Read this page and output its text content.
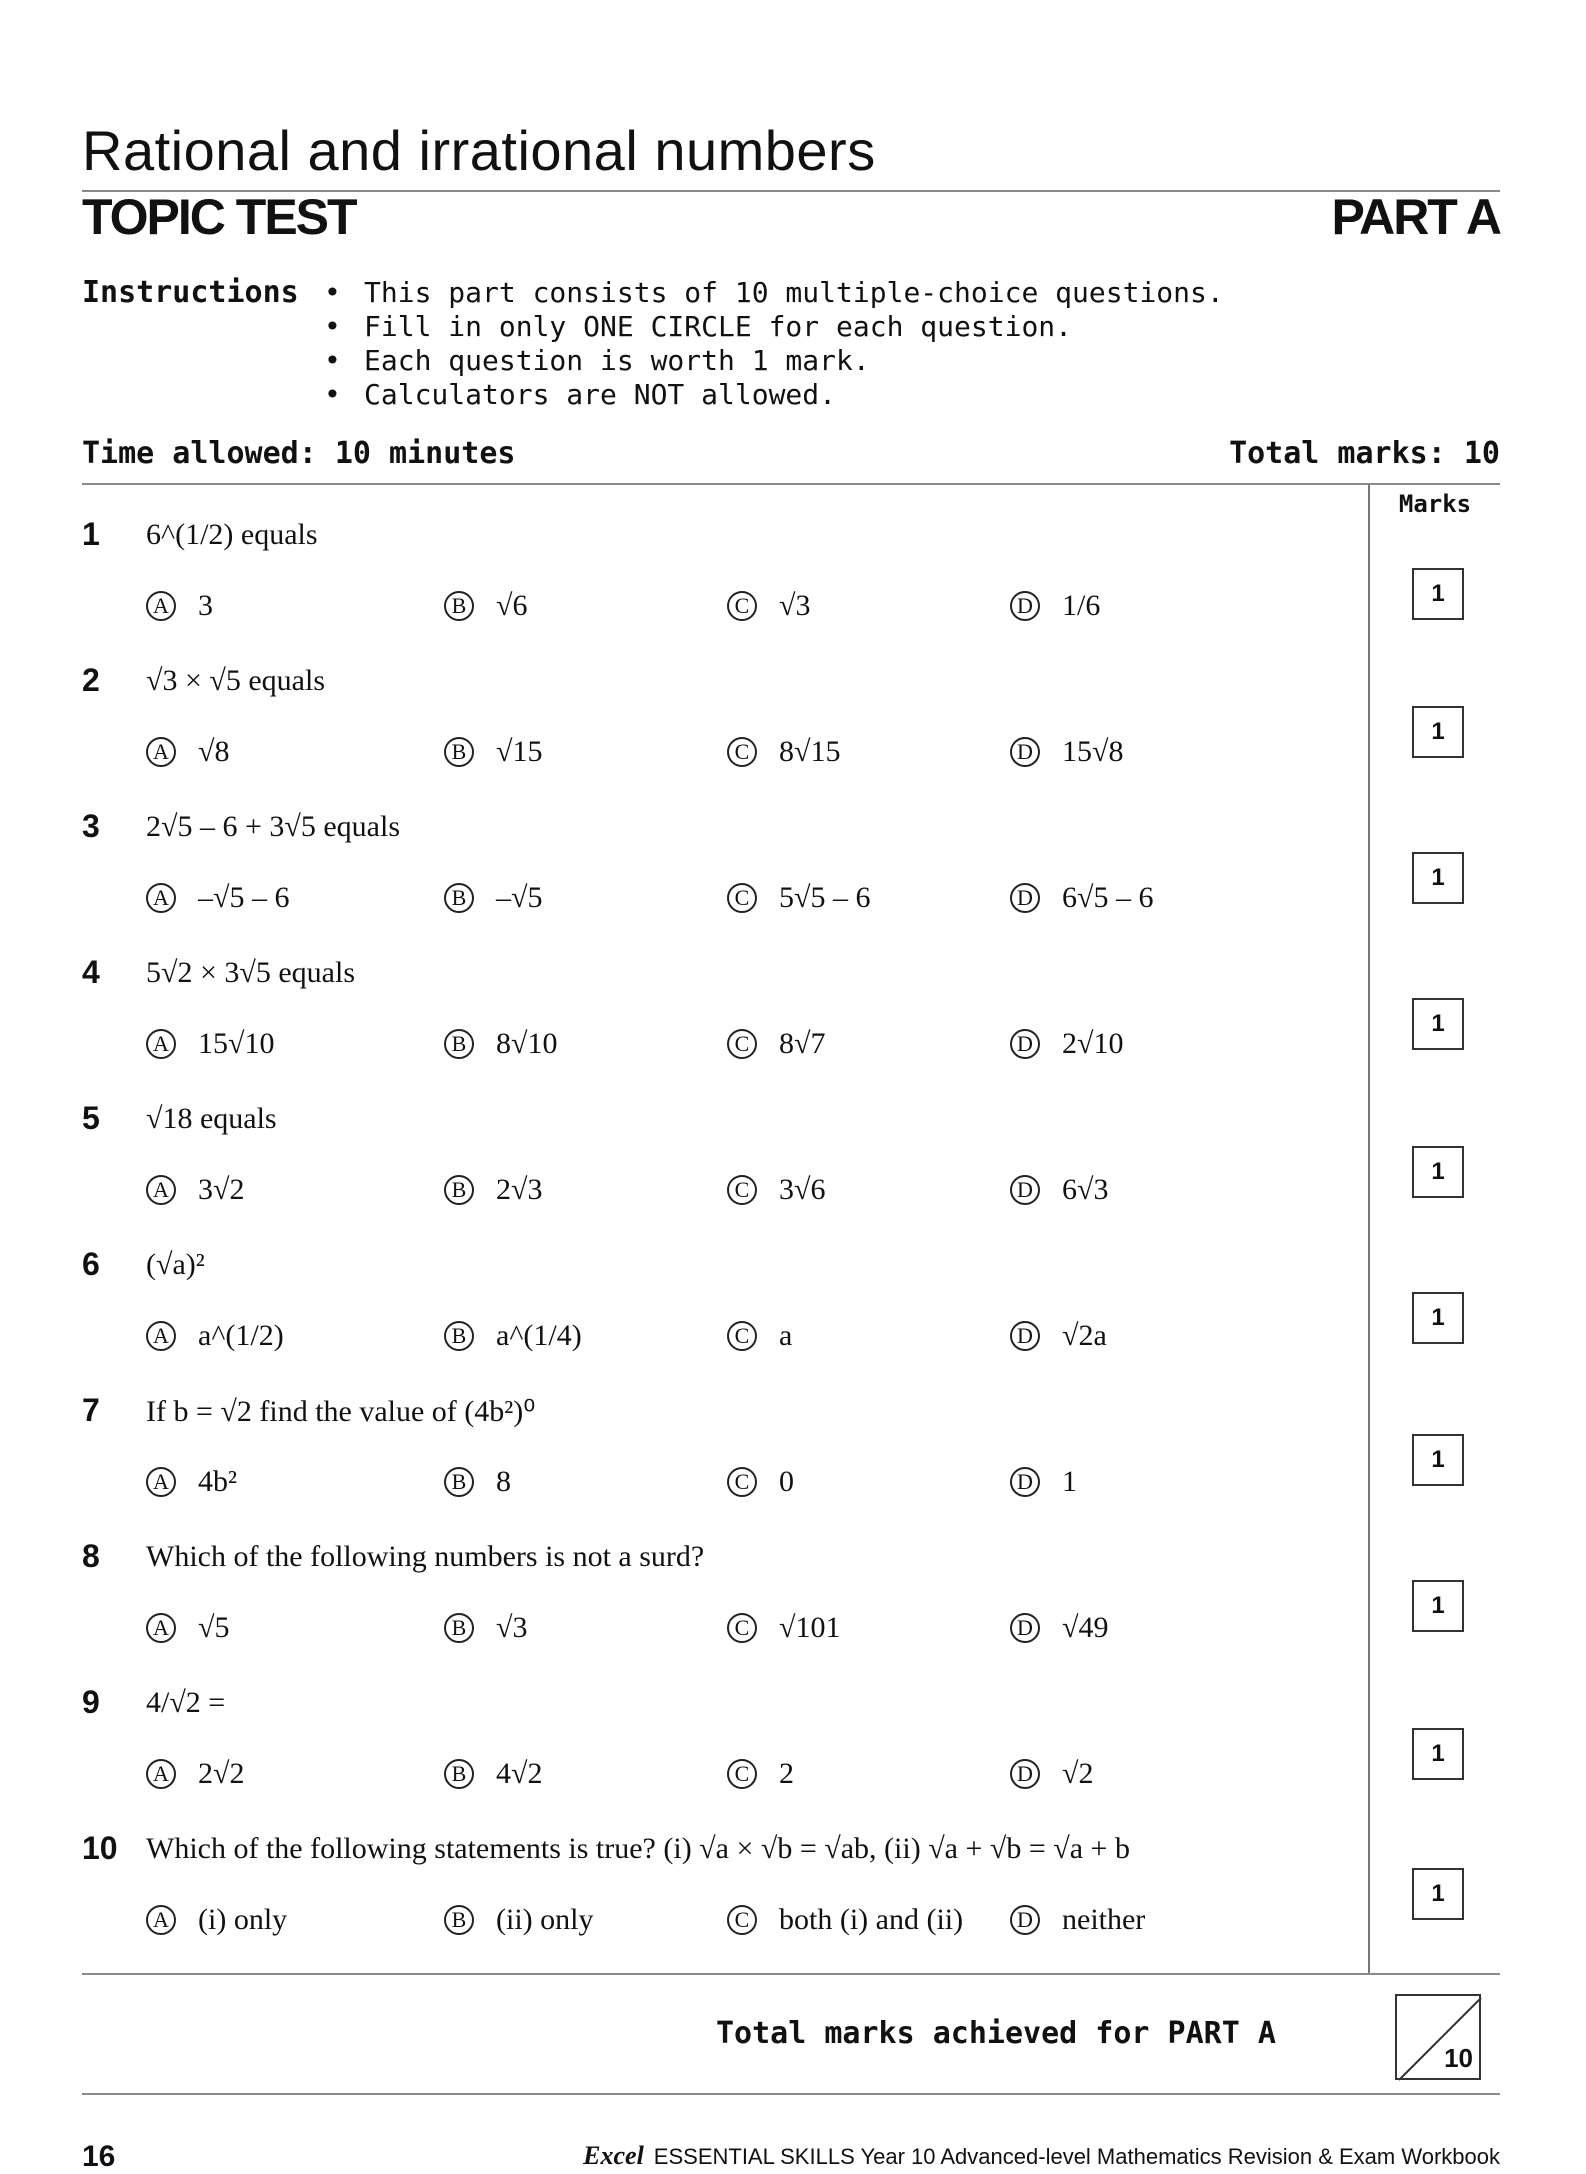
Rational and irrational numbers
TOPIC TEST	PART A
Instructions
•	This part consists of 10 multiple-choice questions.
• Fill in only ONE CIRCLE for each question.
• Each question is worth 1 mark.
• Calculators are NOT allowed.
Time allowed: 10 minutes	Total marks: 10
Marks
1 6^(1/2) equals
A 3	B √6	C √3	D 1/6
2 √3 × √5 equals
A √8	B √15	C 8√15	D 15√8
3 2√5 – 6 + 3√5 equals
A –√5 – 6	B –√5	C 5√5 – 6	D 6√5 – 6
4 5√2 × 3√5 equals
A 15√10	B 8√10	C 8√7	D 2√10
5 √18 equals
A 3√2	B 2√3	C 3√6	D 6√3
6 (√a)²
A a^(1/2)	B a^(1/4)	C a	D √2a
7 If b = √2 find the value of (4b²)⁰
A 4b²	B 8	C 0	D 1
8 Which of the following numbers is not a surd?
A √5	B √3	C √101	D √49
9 4/√2 =
A 2√2	B 4√2	C 2	D √2
10 Which of the following statements is true? (i) √a × √b = √ab, (ii) √a + √b = √a + b
A (i) only	B (ii) only	C both (i) and (ii)	D neither
Total marks achieved for PART A
10
16	Excel ESSENTIAL SKILLS Year 10 Advanced-level Mathematics Revision & Exam Workbook
1
1
1
1
1
1
1
1
1
1
